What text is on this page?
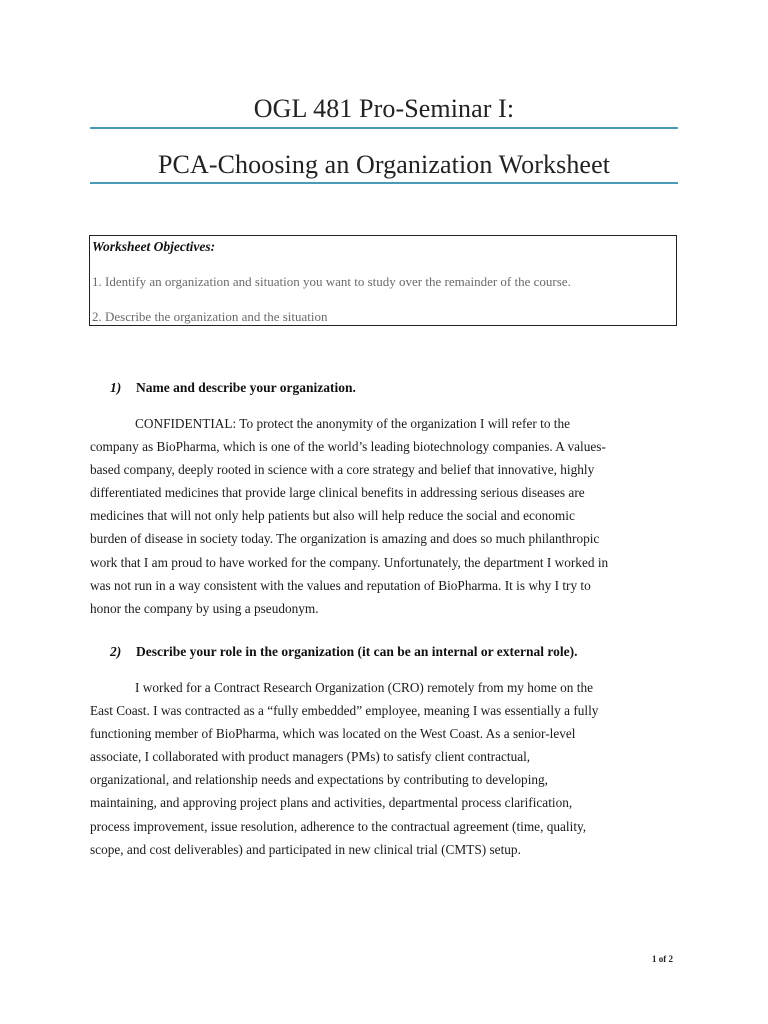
OGL 481 Pro-Seminar I:
PCA-Choosing an Organization Worksheet
Worksheet Objectives:
1. Identify an organization and situation you want to study over the remainder of the course.
2. Describe the organization and the situation
1) Name and describe your organization.
CONFIDENTIAL: To protect the anonymity of the organization I will refer to the
company as BioPharma, which is one of the world’s leading biotechnology companies. A values-
based company, deeply rooted in science with a core strategy and belief that innovative, highly
differentiated medicines that provide large clinical benefits in addressing serious diseases are
medicines that will not only help patients but also will help reduce the social and economic
burden of disease in society today. The organization is amazing and does so much philanthropic
work that I am proud to have worked for the company. Unfortunately, the department I worked in
was not run in a way consistent with the values and reputation of BioPharma. It is why I try to
honor the company by using a pseudonym.
2) Describe your role in the organization (it can be an internal or external role).
I worked for a Contract Research Organization (CRO) remotely from my home on the
East Coast. I was contracted as a “fully embedded” employee, meaning I was essentially a fully
functioning member of BioPharma, which was located on the West Coast. As a senior-level
associate, I collaborated with product managers (PMs) to satisfy client contractual,
organizational, and relationship needs and expectations by contributing to developing,
maintaining, and approving project plans and activities, departmental process clarification,
process improvement, issue resolution, adherence to the contractual agreement (time, quality,
scope, and cost deliverables) and participated in new clinical trial (CMTS) setup.
1 of 2
